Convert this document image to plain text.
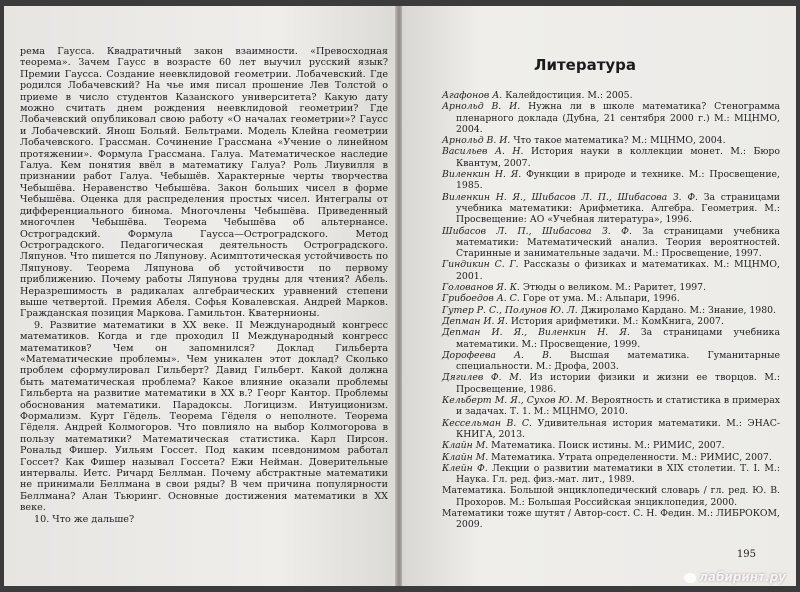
рема Гаусса. Квадратичный закон взаимности. «Превосходная теорема». Зачем Гаусс в возрасте 60 лет выучил русский язык? Премии Гаусса. Создание неевклидовой геометрии. Лобачевский. Где родился Лобачевский? На чье имя писал прошение Лев Толстой о приеме в число студентов Казанского университета? Какую дату можно считать днем рождения неевклидовой геометрии? Где Лобачевский опубликовал свою работу «О началах геометрии»? Гаусс и Лобачевский. Янош Больяй. Бельтрами. Модель Клейна геометрии Лобачевского. Грассман. Сочинение Грассмана «Учение о линейном протяжении». Формула Грассмана. Галуа. Математическое наследие Галуа. Кем понятия ввёл в математику Галуа? Роль Лиувилля в признании работ Галуа. Чебышёв. Характерные черты творчества Чебышёва. Неравенство Чебышёва. Закон больших чисел в форме Чебышёва. Оценка для распределения простых чисел. Интегралы от дифференциального бинома. Многочлены Чебышёва. Приведенный многочлен Чебышёва. Теорема Чебышёва об альтернансе. Остроградский. Формула Гаусса—Остроградского. Метод Остроградского. Педагогическая деятельность Остроградского. Ляпунов. Что пишется по Ляпунову. Асимптотическая устойчивость по Ляпунову. Теорема Ляпунова об устойчивости по первому приближению. Почему работы Ляпунова трудны для чтения? Абель. Неразрешимость в радикалах алгебраических уравнений степени выше четвертой. Премия Абеля. Софья Ковалевская. Андрей Марков. Гражданская позиция Маркова. Гамильтон. Кватернионы.

9. Развитие математики в XX веке. II Международный конгресс математиков. Когда и где проходил II Международный конгресс математиков? Чем он запомнился? Доклад Гильберта «Математические проблемы». Чем уникален этот доклад? Сколько проблем сформулировал Гильберт? Давид Гильберт. Какой должна быть математическая проблема? Какое влияние оказали проблемы Гильберта на развитие математики в XX в.? Георг Кантор. Проблемы обоснования математики. Парадоксы. Логицизм. Интуиционизм. Формализм. Курт Гёдель. Теорема Гёделя о неполноте. Теорема Гёделя. Андрей Колмогоров. Что повлияло на выбор Колмогорова в пользу математики? Математическая статистика. Карл Пирсон. Рональд Фишер. Уильям Госсет. Под каким псевдонимом работал Госсет? Как Фишер называл Госсета? Ежи Нейман. Доверительные интервалы. Иетс. Ричард Беллман. Почему абстрактные математики не принимали Беллмана в свои ряды? В чем причина популярности Беллмана? Алан Тьюринг. Основные достижения математики в XX веке.

10. Что же дальше?

Литература
Агафонов А. Калейдостиция. М.: 2005.
Арнольд В. И. Нужна ли в школе математика? Стенограмма пленарного доклада (Дубна, 21 сентября 2000 г.) М.: МЦНМО, 2004.
Арнольд В. И. Что такое математика? М.: МЦНМО, 2004.
Васильев А. Н. История науки в коллекции монет. М.: Бюро Квантум, 2007.
Виленкин Н. Я. Функции в природе и технике. М.: Просвещение, 1985.
Виленкин Н. Я., Шибасов Л. П., Шибасова З. Ф. За страницами учебника математики: Арифметика. Алгебра. Геометрия. М.: Просвещение: АО «Учебная литература», 1996.
Шибасов Л. П., Шибасова З. Ф. За страницами учебника математики: Математический анализ. Теория вероятностей. Старинные и занимательные задачи. М.: Просвещение, 1997.
Гиндикин С. Г. Рассказы о физиках и математиках. М.: МЦНМО, 2001.
Голованов Я. К. Этюды о великом. М.: Раритет, 1997.
Грибоедов А. С. Горе от ума. М.: Альпари, 1996.
Гутер Р. С., Полунов Ю. Л. Джироламо Кардано. М.: Знание, 1980.
Депман И. Я. История арифметики. М.: КомКнига, 2007.
Депман И. Я., Виленкин Н. Я. За страницами учебника математики. М.: Просвещение, 1999.
Дорофеева А. В. Высшая математика. Гуманитарные специальности. М.: Дрофа, 2003.
Дягилев Ф. М. Из истории физики и жизни ее творцов. М.: Просвещение, 1986.
Кельберт М. Я., Сухов Ю. М. Вероятность и статистика в примерах и задачах. Т. 1. М.: МЦНМО, 2010.
Кессельман В. С. Удивительная история математики. М.: ЭНАС-КНИГА, 2013.
Клайн М. Математика. Поиск истины. М.: РИМИС, 2007.
Клайн М. Математика. Утрата определенности. М.: РИМИС, 2007.
Клейн Ф. Лекции о развитии математики в XIX столетии. Т. I. М.: Наука. Гл. ред. физ.-мат. лит., 1989.
Математика. Большой энциклопедический словарь / гл. ред. Ю. В. Прохоров. М.: Большая Российская энциклопедия, 2000.
Математики тоже шутят / Автор-сост. С. Н. Федин. М.: ЛИБРОКОМ, 2009.
195
лабиринт.ру
